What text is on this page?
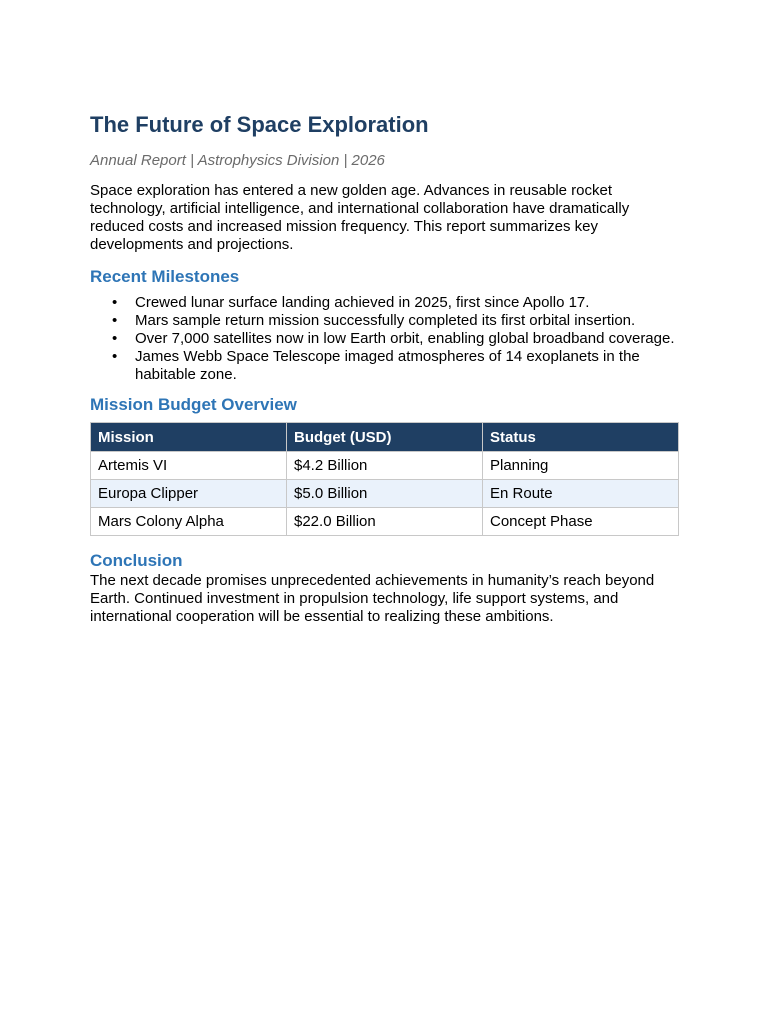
The Future of Space Exploration
Annual Report | Astrophysics Division | 2026
Space exploration has entered a new golden age. Advances in reusable rocket technology, artificial intelligence, and international collaboration have dramatically reduced costs and increased mission frequency. This report summarizes key developments and projections.
Recent Milestones
• Crewed lunar surface landing achieved in 2025, first since Apollo 17.
• Mars sample return mission successfully completed its first orbital insertion.
• Over 7,000 satellites now in low Earth orbit, enabling global broadband coverage.
• James Webb Space Telescope imaged atmospheres of 14 exoplanets in the habitable zone.
Mission Budget Overview
Mission	Budget (USD)	Status
Artemis VI	$4.2 Billion	Planning
Europa Clipper	$5.0 Billion	En Route
Mars Colony Alpha	$22.0 Billion	Concept Phase
Conclusion
The next decade promises unprecedented achievements in humanity’s reach beyond Earth. Continued investment in propulsion technology, life support systems, and international cooperation will be essential to realizing these ambitions.
